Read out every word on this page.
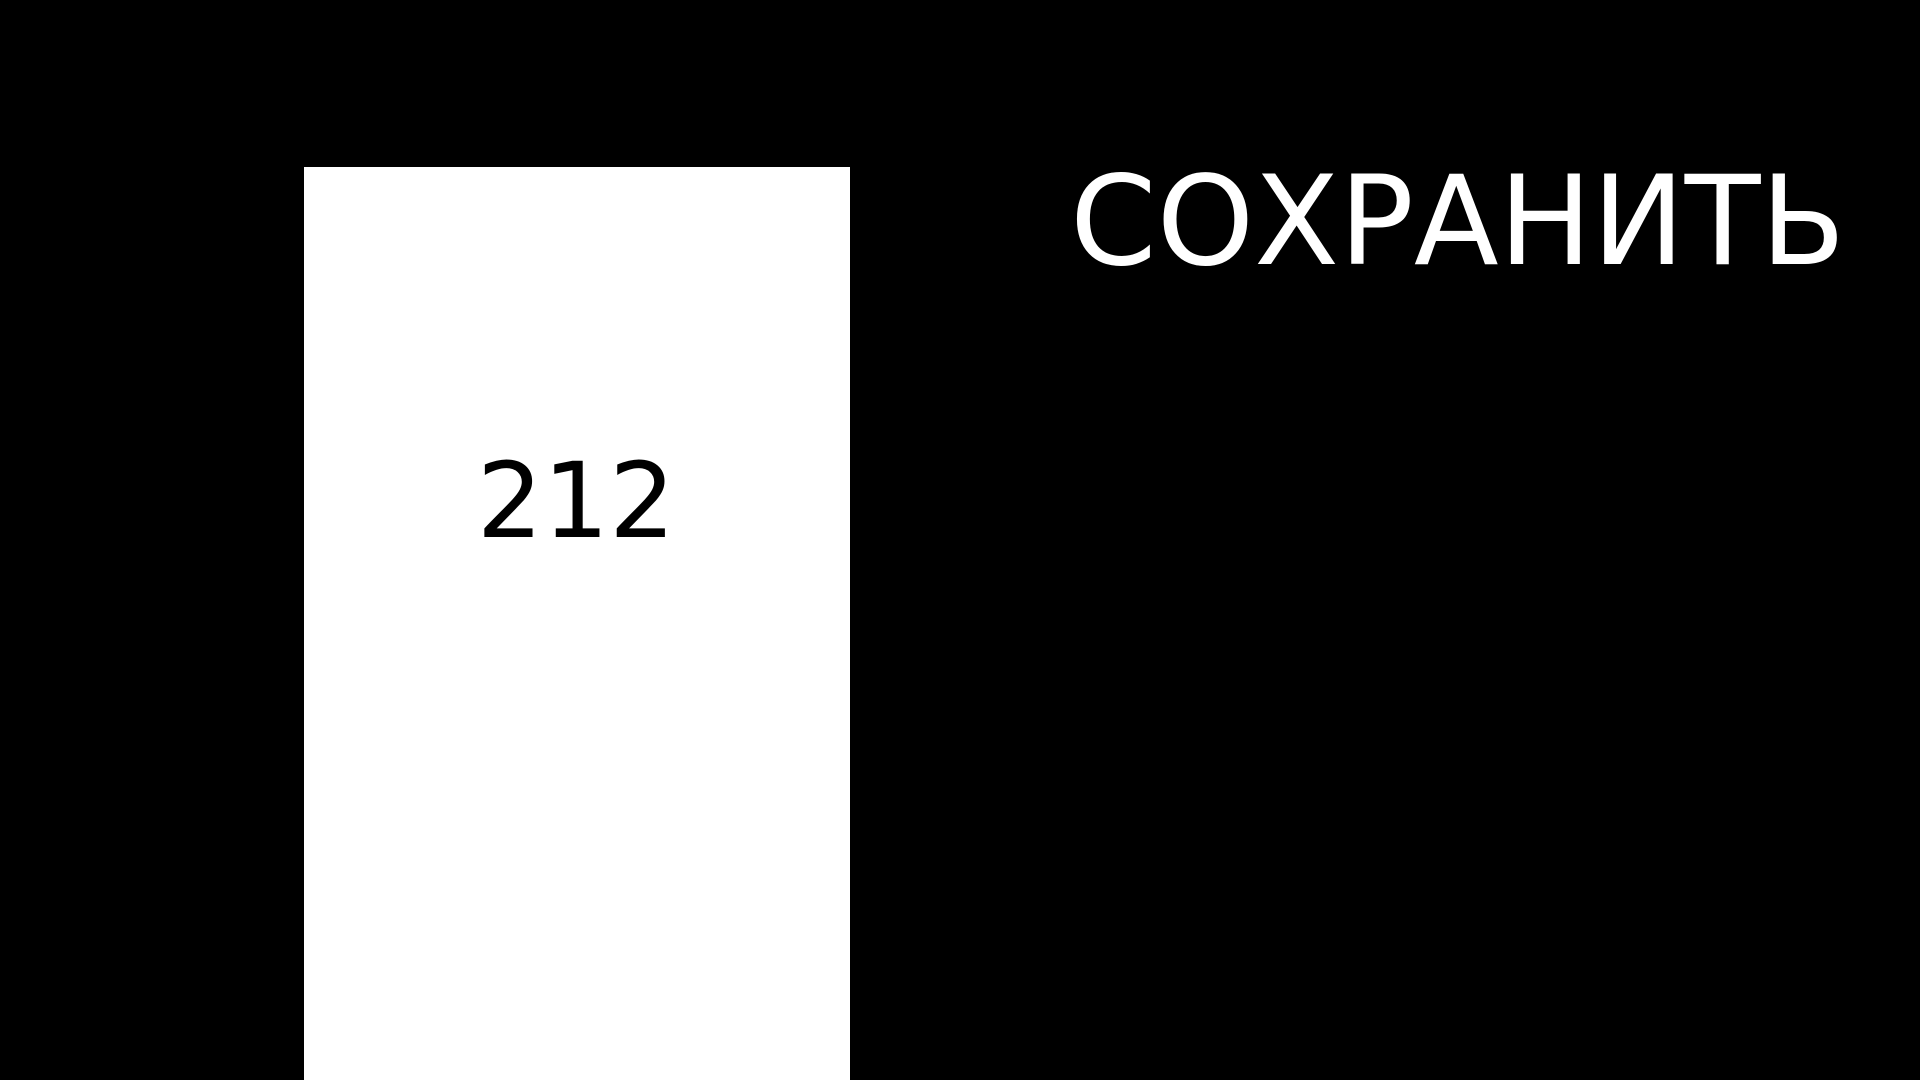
212
СОХРАНИТЬ
